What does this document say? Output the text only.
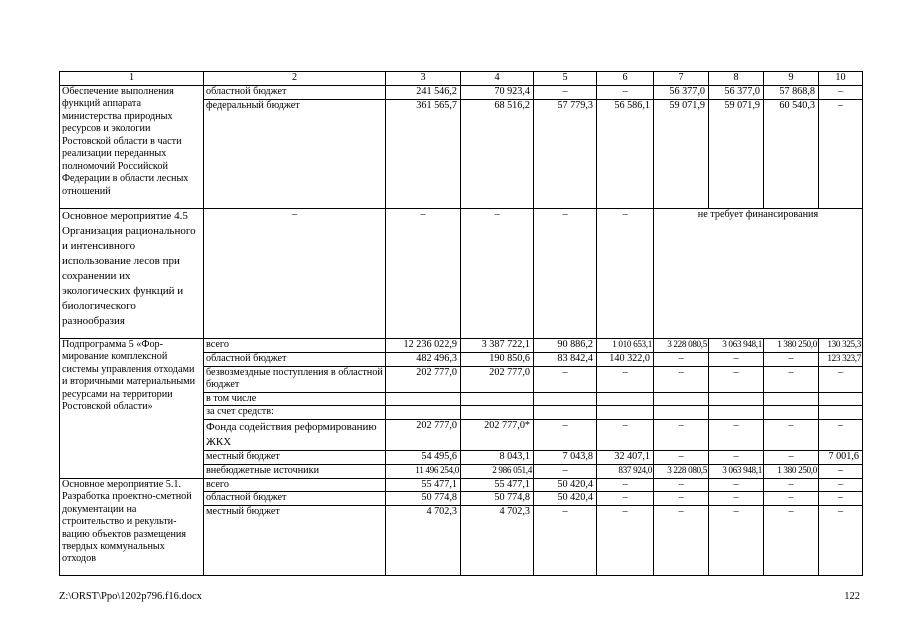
1	2	3	4	5	6	7	8	9	10
Обеспечение выполнения функций аппарата министерства природных ресурсов и экологии Ростовской области в части реализации переданных полномочий Российской Федерации в области лесных отношений	областной бюджет	241 546,2	70 923,4	–	–	56 377,0	56 377,0	57 868,8	–
	федеральный бюджет	361 565,7	68 516,2	57 779,3	56 586,1	59 071,9	59 071,9	60 540,3	–
Основное мероприятие 4.5 Организация рационального и интенсивного использование лесов при сохранении их экологических функций и биологического разнообразия	–	–	–	–	–	не требует финансирования			
Подпрограмма 5 «Фор-мирование комплексной системы управления отходами и вторичными материальными ресурсами на территории Ростовской области»	всего	12 236 022,9	3 387 722,1	90 886,2	1 010 653,1	3 228 080,5	3 063 948,1	1 380 250,0	130 325,3
	областной бюджет	482 496,3	190 850,6	83 842,4	140 322,0	–	–	–	123 323,7
	безвозмездные поступления в областной бюджет	202 777,0	202 777,0	–	–	–	–	–	–
	в том числе								
	за счет средств:								
	Фонда содействия реформированию ЖКХ	202 777,0	202 777,0*	–	–	–	–	–	–
	местный бюджет	54 495,6	8 043,1	7 043,8	32 407,1	–	–	–	7 001,6
	внебюджетные источники	11 496 254,0	2 986 051,4	–	837 924,0	3 228 080,5	3 063 948,1	1 380 250,0	–
Основное мероприятие 5.1. Разработка проектно-сметной документации на строительство и рекульти-вацию объектов размещения твердых коммунальных отходов	всего	55 477,1	55 477,1	50 420,4	–	–	–	–	–
	областной бюджет	50 774,8	50 774,8	50 420,4	–	–	–	–	–
	местный бюджет	4 702,3	4 702,3	–	–	–	–	–	–
Z:\ORST\Ppo\1202p796.f16.docx	122
